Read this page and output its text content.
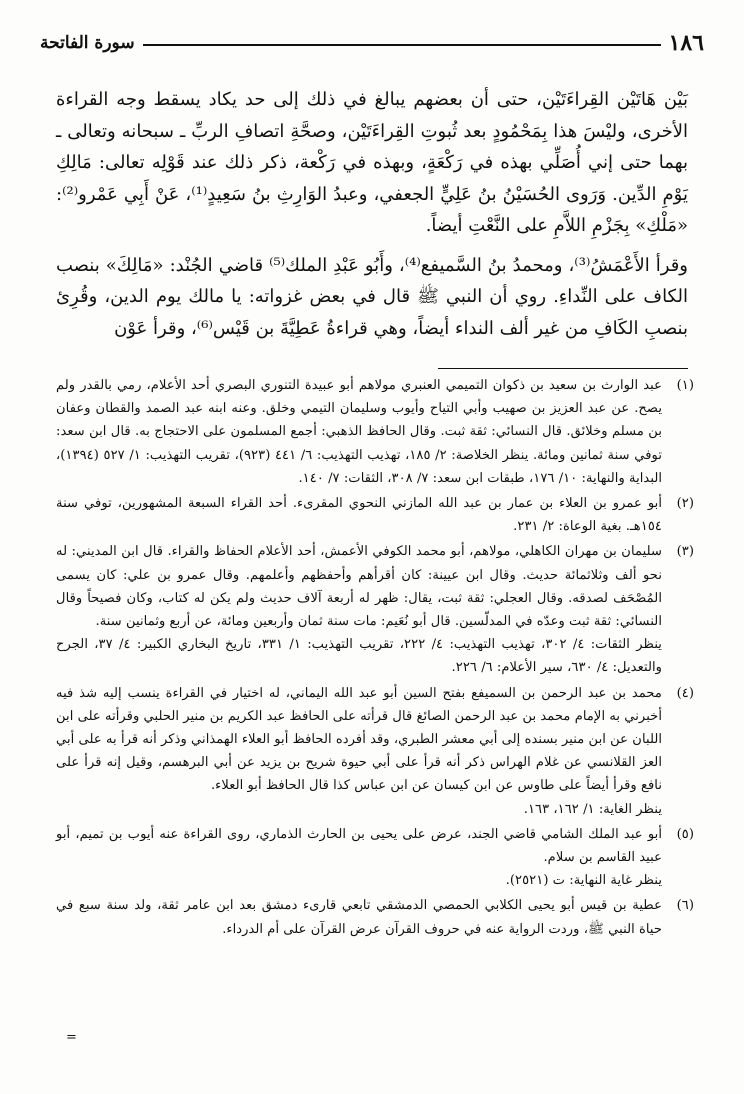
١٨٦
سورة الفاتحة

بَيْن هَاتَيْن القِراءَتَيْن، حتى أن بعضهم يبالغ في ذلك إلى حد يكاد يسقط وجه القراءة الأخرى، وليْسَ هذا بِمَحْمُودٍ بعد ثُبوتِ القِراءَتَيْن، وصحَّةِ اتصافِ الربِّ ـ سبحانه وتعالى ـ بهما حتى إني أُصَلِّي بهذه في رَكْعَةٍ، وبهذه في رَكْعة، ذكر ذلك عند قَوْلِه تعالى: مَالِكِ يَوْمِ الدِّين. وَرَوى الحُسَيْنُ بنُ عَلِيٍّ الجعفي، وعبدُ الوَارِثِ بنُ سَعِيدٍ⁽¹⁾، عَنْ أَبِي عَمْرو⁽²⁾: «مَلْكِ» بِجَزْمِ اللاَّمِ على النَّعْتِ أيضاً.

وقرأ الأَعْمَشُ⁽³⁾، ومحمدُ بنُ السَّميفع⁽⁴⁾، وأَبُو عَبْدِ الملك⁽⁵⁾ قاضي الجُنْد: «مَالِكَ» بنصب الكاف على النِّداءِ. روي أن النبي ﷺ قال في بعض غزواته: يا مالك يوم الدين، وقُرِئ بنصبِ الكَافِ من غير ألف النداء أيضاً، وهي قراءةُ عَطِيَّةَ بن قَيْس⁽⁶⁾، وقرأ عَوْن

(١)
عبد الوارث بن سعيد بن ذكوان التميمي العنبري مولاهم أبو عبيدة التنوري البصري أحد الأعلام، رمي بالقدر ولم يصح. عن عبد العزيز بن صهيب وأبي التياح وأيوب وسليمان التيمي وخلق. وعنه ابنه عبد الصمد والقطان وعفان بن مسلم وخلائق. قال النسائي: ثقة ثبت. وقال الحافظ الذهبي: أجمع المسلمون على الاحتجاج به. قال ابن سعد: توفي سنة ثمانين ومائة. ينظر الخلاصة: ٢/ ١٨٥، تهذيب التهذيب: ٦/ ٤٤١ (٩٢٣)، تقريب التهذيب: ١/ ٥٢٧ (١٣٩٤)، البداية والنهاية: ١٠/ ١٧٦، طبقات ابن سعد: ٧/ ٣٠٨، الثقات: ٧/ ١٤٠.
(٢)
أبو عمرو بن العلاء بن عمار بن عبد الله المازني النحوي المقرىء. أحد القراء السبعة المشهورين، توفي سنة ١٥٤هـ. بغية الوعاة: ٢/ ٢٣١.
(٣)
سليمان بن مهران الكاهلي، مولاهم، أبو محمد الكوفي الأعمش، أحد الأعلام الحفاظ والقراء. قال ابن المديني: له نحو ألف وثلاثمائة حديث. وقال ابن عيينة: كان أقرأهم وأحفظهم وأعلمهم. وقال عمرو بن علي: كان يسمى المُصْحَف لصدقه. وقال العجلي: ثقة ثبت، يقال: ظهر له أربعة آلاف حديث ولم يكن له كتاب، وكان فصيحاً وقال النسائي: ثقة ثبت وعدّه في المدلّسين. قال أبو نُعَيم: مات سنة ثمان وأربعين ومائة، عن أربع وثمانين سنة.
ينظر الثقات: ٤/ ٣٠٢، تهذيب التهذيب: ٤/ ٢٢٢، تقريب التهذيب: ١/ ٣٣١، تاريخ البخاري الكبير: ٤/ ٣٧، الجرح والتعديل: ٤/ ٦٣٠، سير الأعلام: ٦/ ٢٢٦.
(٤)
محمد بن عبد الرحمن بن السميفع بفتح السين أبو عبد الله اليماني، له اختيار في القراءة ينسب إليه شذ فيه أخبرني به الإمام محمد بن عبد الرحمن الصائغ قال قرأته على الحافظ عبد الكريم بن منير الحلبي وقرأته على ابن اللبان عن ابن منير بسنده إلى أبي معشر الطبري، وقد أفرده الحافظ أبو العلاء الهمذاني وذكر أنه قرأ به على أبي العز القلانسي عن غلام الهراس ذكر أنه قرأ على أبي حيوة شريح بن يزيد عن أبي البرهسم، وقيل إنه قرأ على نافع وقرأ أيضاً على طاوس عن ابن كيسان عن ابن عباس كذا قال الحافظ أبو العلاء.
ينظر الغاية: ١/ ١٦٢، ١٦٣.
(٥)
أبو عبد الملك الشامي قاضي الجند، عرض على يحيى بن الحارث الذماري، روى القراءة عنه أيوب بن تميم، أبو عبيد القاسم بن سلام.
ينظر غاية النهاية: ت (٢٥٢١).
(٦)
عطية بن قيس أبو يحيى الكلابي الحمصي الدمشقي تابعي قارىء دمشق بعد ابن عامر ثقة، ولد سنة سبع في حياة النبي ﷺ، وردت الرواية عنه في حروف القرآن عرض القرآن على أم الدرداء.
=
